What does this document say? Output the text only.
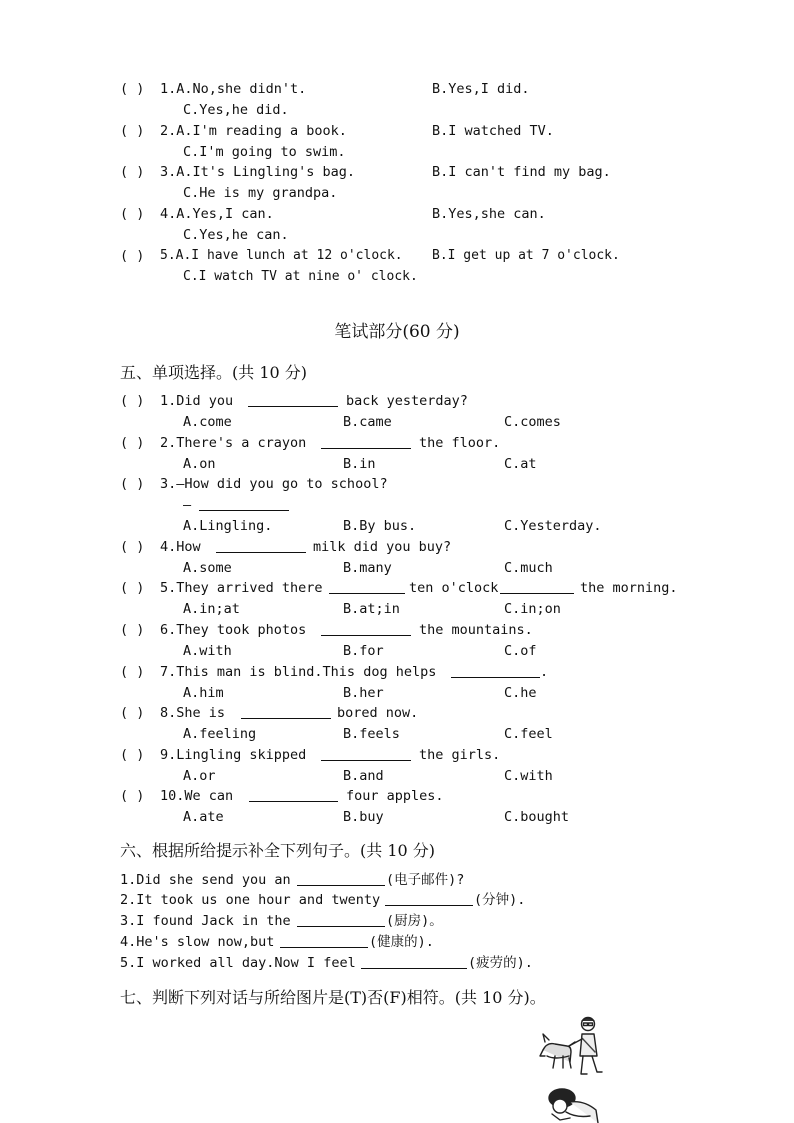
( ) 1.A.No,she didn't.	B.Yes,I did.
C.Yes,he did.
( ) 2.A.I'm reading a book.	B.I watched TV.
C.I'm going to swim.
( ) 3.A.It's Lingling's bag.	B.I can't find my bag.
C.He is my grandpa.
( ) 4.A.Yes,I can.	B.Yes,she can.
C.Yes,he can.
( ) 5.A.I have lunch at 12 o'clock. B.I get up at 7 o'clock.
C.I watch TV at nine o' clock.
笔试部分(60 分)
五、单项选择。(共 10 分)
( ) 1.Did you	back yesterday?
A.come	B.came	C.comes
( ) 2.There's a crayon	the floor.
A.on	B.in	C.at
( ) 3.—How did you go to school?
—
A.Lingling.	B.By bus.	C.Yesterday.
( ) 4.How	milk did you buy?
A.some	B.many	C.much
( ) 5.They arrived there	ten o'clock	the morning.
A.in;at	B.at;in	C.in;on
( ) 6.They took photos	the mountains.
A.with	B.for	C.of
( ) 7.This man is blind.This dog helps	.
A.him	B.her	C.he
( ) 8.She is	bored now.
A.feeling	B.feels	C.feel
( ) 9.Lingling skipped	the girls.
A.or	B.and	C.with
( ) 10.We can	four apples.
A.ate	B.buy	C.bought
六、根据所给提示补全下列句子。(共 10 分)
1.Did she send you an	(电子邮件)?
2.It took us one hour and twenty	(分钟).
3.I found Jack in the	(厨房)。
4.He's slow now,but	(健康的).
5.I worked all day.Now I feel	(疲劳的).
七、判断下列对话与所给图片是(T)否(F)相符。(共 10 分)。
